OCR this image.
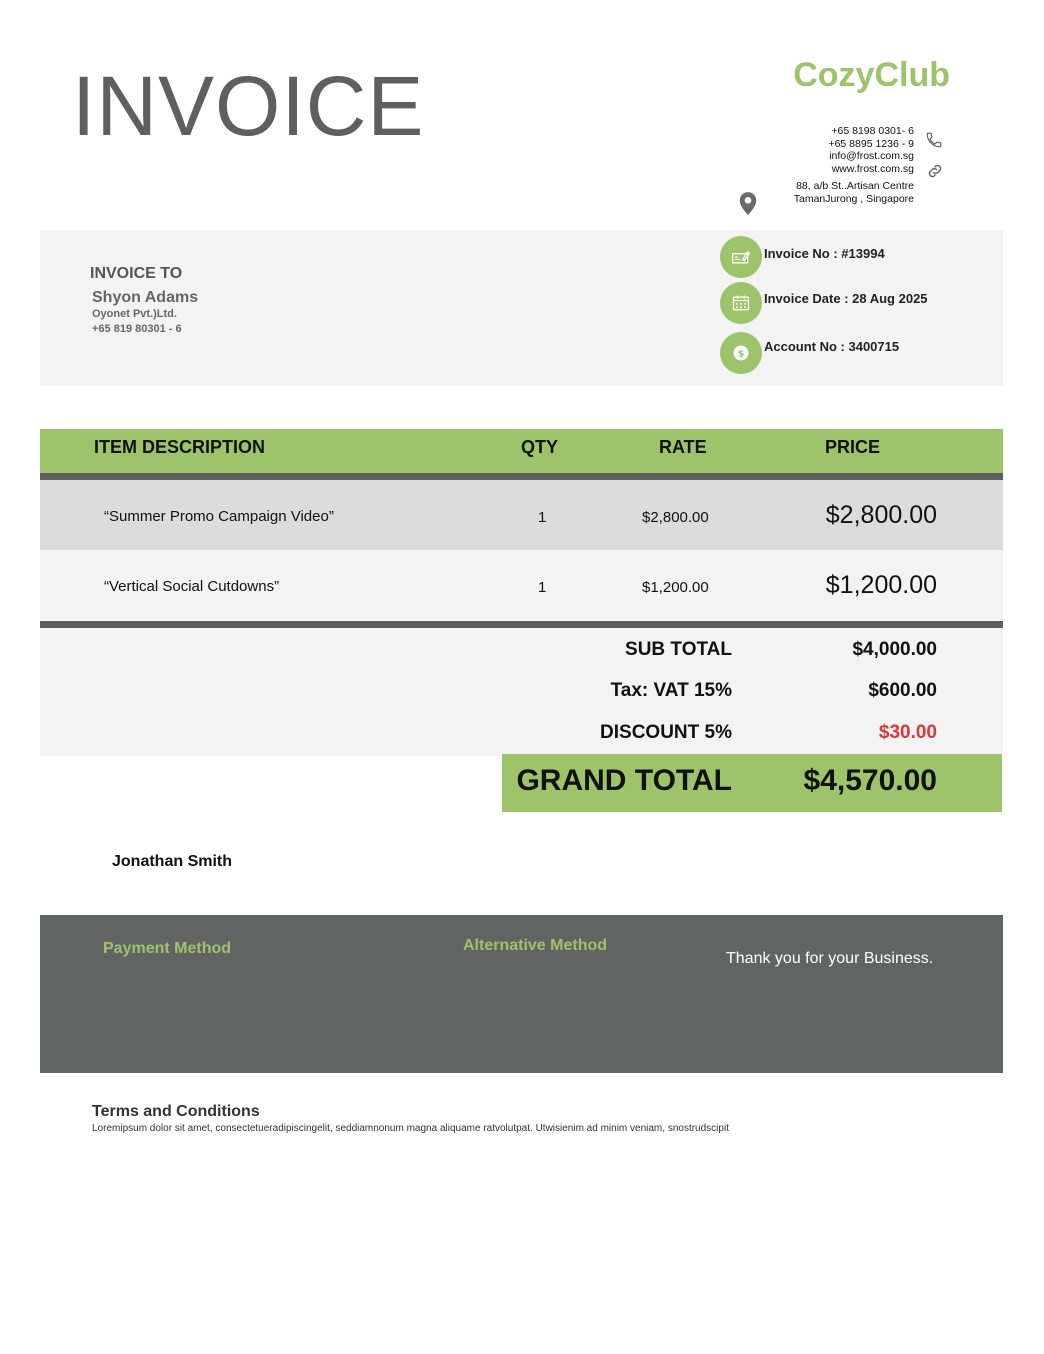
INVOICE	CozyClub
+65 8198 0301- 6
+65 8895 1236 - 9
info@frost.com.sg
www.frost.com.sg
88, a/b St..Artisan Centre
TamanJurong , Singapore
INVOICE TO
Shyon Adams
Oyonet Pvt.)Ltd.
+65 819 80301 - 6
Invoice No : #13994
Invoice Date : 28 Aug 2025
$ Account No : 3400715
ITEM DESCRIPTION	QTY	RATE	PRICE
“Summer Promo Campaign Video”	1	$2,800.00	$2,800.00
“Vertical Social Cutdowns”	1	$1,200.00	$1,200.00
SUB TOTAL	$4,000.00
Tax: VAT 15%	$600.00
DISCOUNT 5%	$30.00
GRAND TOTAL $4,570.00
Jonathan Smith
Payment Method	Alternative Method
Thank you for your Business.
Terms and Conditions
Loremipsum dolor sit amet, consectetueradipiscingelit, seddiamnonum magna aliquame ratvolutpat. Utwisienim ad minim veniam, snostrudscipit
